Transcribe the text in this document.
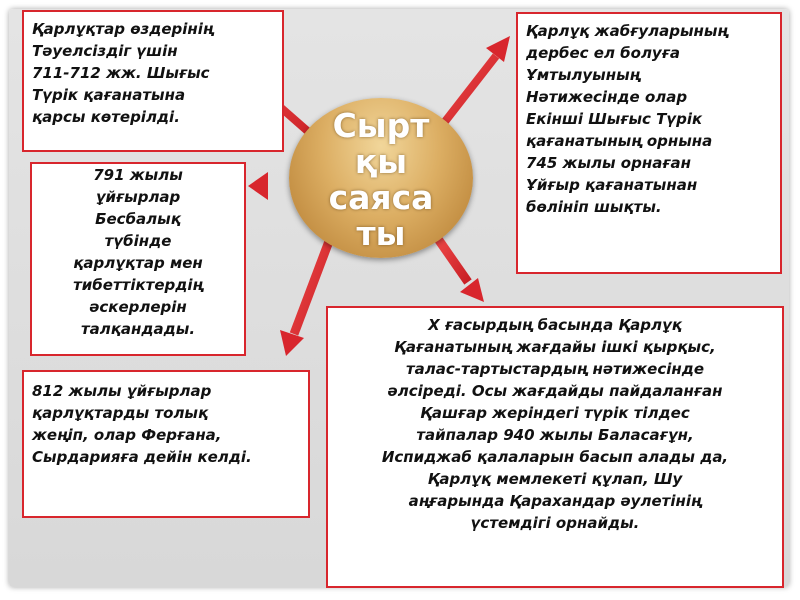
Сырт
қы
саяса
ты
Қарлұқтар өздерінің
Тәуелсіздіг үшін
711-712 жж. Шығыс
Түрік қағанатына
қарсы көтерілді.
791 жылы
ұйғырлар
Бесбалық
түбінде
қарлұқтар мен
тибеттіктердің
әскерлерін
талқандады.
812 жылы ұйғырлар
қарлұқтарды толық
жеңіп, олар Ферғана,
Сырдарияға дейін келді.
Қарлұқ жабғуларының
дербес ел болуға
Ұмтылуының
Нәтижесінде олар
Екінші Шығыс Түрік
қағанатының орнына
745 жылы орнаған
Ұйғыр қағанатынан
бөлініп шықты.
Х ғасырдың басында Қарлұқ
Қағанатының жағдайы ішкі қырқыс,
талас-тартыстардың нәтижесінде
әлсіреді. Осы жағдайды пайдаланған
Қашғар жеріндегі түрік тілдес
тайпалар 940 жылы Баласағұн,
Испиджаб қалаларын басып алады да,
Қарлұқ мемлекеті құлап, Шу
аңғарында Қарахандар әулетінің
үстемдігі орнайды.
